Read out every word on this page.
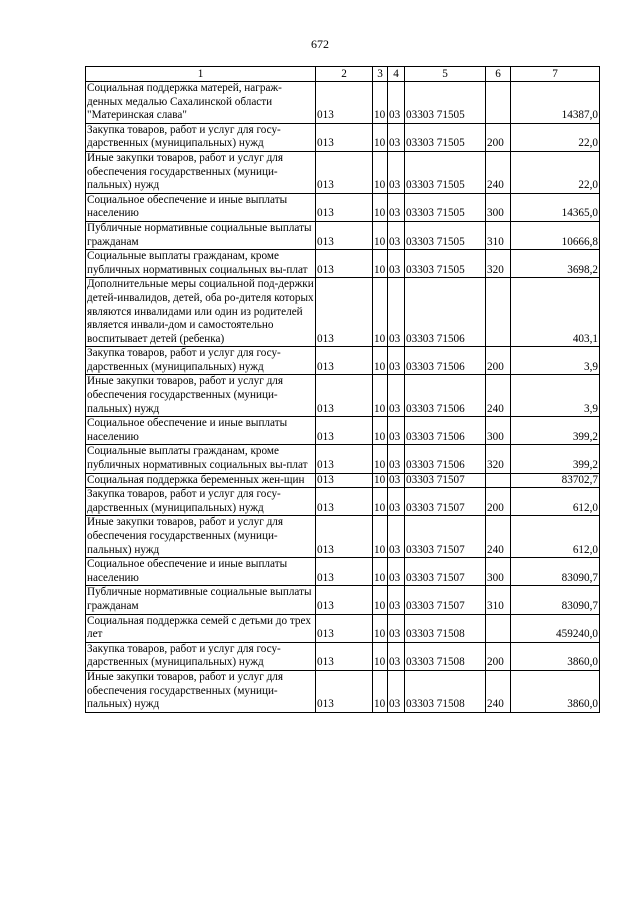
672
1	2	3	4	5	6	7
Социальная поддержка матерей, награж-денных медалью Сахалинской области "Материнская слава"	013	10	03	03303 71505		14387,0
Закупка товаров, работ и услуг для госу-дарственных (муниципальных) нужд	013	10	03	03303 71505	200	22,0
Иные закупки товаров, работ и услуг для обеспечения государственных (муници-пальных) нужд	013	10	03	03303 71505	240	22,0
Социальное обеспечение и иные выплаты населению	013	10	03	03303 71505	300	14365,0
Публичные нормативные социальные выплаты гражданам	013	10	03	03303 71505	310	10666,8
Социальные выплаты гражданам, кроме публичных нормативных социальных вы-плат	013	10	03	03303 71505	320	3698,2
Дополнительные меры социальной под-держки детей-инвалидов, детей, оба ро-дителя которых являются инвалидами или один из родителей является инвали-дом и самостоятельно воспитывает детей (ребенка)	013	10	03	03303 71506		403,1
Закупка товаров, работ и услуг для госу-дарственных (муниципальных) нужд	013	10	03	03303 71506	200	3,9
Иные закупки товаров, работ и услуг для обеспечения государственных (муници-пальных) нужд	013	10	03	03303 71506	240	3,9
Социальное обеспечение и иные выплаты населению	013	10	03	03303 71506	300	399,2
Социальные выплаты гражданам, кроме публичных нормативных социальных вы-плат	013	10	03	03303 71506	320	399,2
Социальная поддержка беременных жен-щин	013	10	03	03303 71507		83702,7
Закупка товаров, работ и услуг для госу-дарственных (муниципальных) нужд	013	10	03	03303 71507	200	612,0
Иные закупки товаров, работ и услуг для обеспечения государственных (муници-пальных) нужд	013	10	03	03303 71507	240	612,0
Социальное обеспечение и иные выплаты населению	013	10	03	03303 71507	300	83090,7
Публичные нормативные социальные выплаты гражданам	013	10	03	03303 71507	310	83090,7
Социальная поддержка семей с детьми до трех лет	013	10	03	03303 71508		459240,0
Закупка товаров, работ и услуг для госу-дарственных (муниципальных) нужд	013	10	03	03303 71508	200	3860,0
Иные закупки товаров, работ и услуг для обеспечения государственных (муници-пальных) нужд	013	10	03	03303 71508	240	3860,0
